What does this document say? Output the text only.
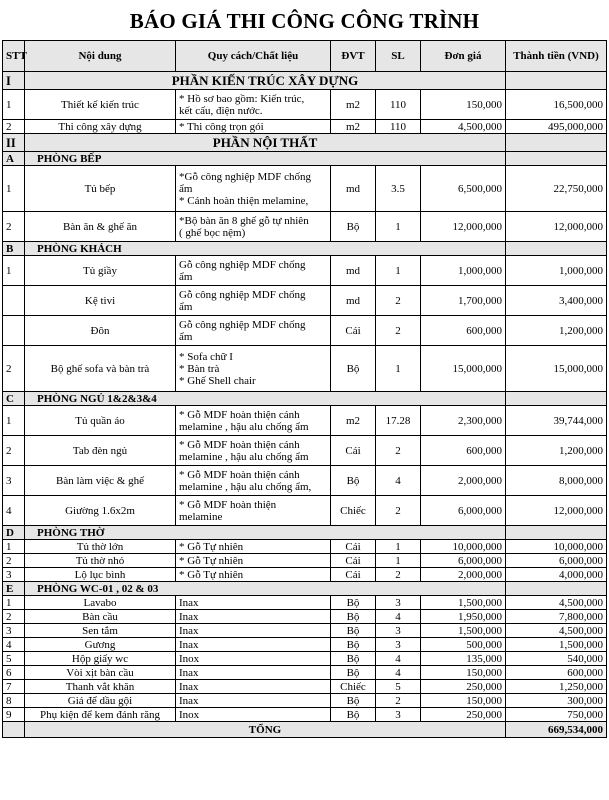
BÁO GIÁ THI CÔNG CÔNG TRÌNH
STT	Nội dung	Quy cách/Chất liệu	ĐVT	SL	Đơn giá	Thành tiền (VND)
I	PHẦN KIẾN TRÚC XÂY DỰNG					
1	Thiết kế kiến trúc	* Hồ sơ bao gồm: Kiến trúc,
kết cấu, điện nước.	m2	110	150,000	16,500,000
2	Thi công xây dựng	* Thi công trọn gói	m2	110	4,500,000	495,000,000
II	PHẦN NỘI THẤT					
A	PHÒNG BẾP					
1	Tủ bếp	*Gỗ công nghiệp MDF chống
ẩm
* Cánh hoàn thiện melamine,	md	3.5	6,500,000	22,750,000
2	Bàn ăn & ghế ăn	*Bộ bàn ăn 8 ghế gỗ tự nhiên
( ghế bọc nệm)	Bộ	1	12,000,000	12,000,000
B	PHÒNG KHÁCH					
1	Tủ giầy	Gỗ công nghiệp MDF chống
ẩm	md	1	1,000,000	1,000,000
	Kệ tivi	Gỗ công nghiệp MDF chống
ẩm	md	2	1,700,000	3,400,000
	Đôn	Gỗ công nghiệp MDF chống
ẩm	Cái	2	600,000	1,200,000
2	Bộ ghế sofa và bàn trà	* Sofa chữ I
* Bàn trà
* Ghế Shell chair	Bộ	1	15,000,000	15,000,000
C	PHÒNG NGỦ 1&2&3&4					
1	Tủ quần áo	* Gỗ MDF hoàn thiện cánh
melamine , hậu alu chống ẩm	m2	17.28	2,300,000	39,744,000
2	Tab đèn ngủ	* Gỗ MDF hoàn thiện cánh
melamine , hậu alu chống ẩm	Cái	2	600,000	1,200,000
3	Bàn làm việc & ghế	* Gỗ MDF hoàn thiện cánh
melamine , hậu alu chống ẩm,	Bộ	4	2,000,000	8,000,000
4	Giường 1.6x2m	* Gỗ MDF hoàn thiện
melamine	Chiếc	2	6,000,000	12,000,000
D	PHÒNG THỜ					
1	Tủ thờ lớn	* Gỗ Tự nhiên	Cái	1	10,000,000	10,000,000
2	Tủ thờ nhỏ	* Gỗ Tự nhiên	Cái	1	6,000,000	6,000,000
3	Lộ lục bình	* Gỗ Tự nhiên	Cái	2	2,000,000	4,000,000
E	PHÒNG WC-01 , 02 & 03					
1	Lavabo	Inax	Bộ	3	1,500,000	4,500,000
2	Bàn cầu	Inax	Bộ	4	1,950,000	7,800,000
3	Sen tắm	Inax	Bộ	3	1,500,000	4,500,000
4	Gương	Inax	Bộ	3	500,000	1,500,000
5	Hộp giấy wc	Inox	Bộ	4	135,000	540,000
6	Vòi xịt bàn cầu	Inax	Bộ	4	150,000	600,000
7	Thanh vắt khăn	Inax	Chiếc	5	250,000	1,250,000
8	Giá để dầu gội	Inax	Bộ	2	150,000	300,000
9	Phụ kiện để kem đánh răng	Inox	Bộ	3	250,000	750,000
	TỔNG					669,534,000
